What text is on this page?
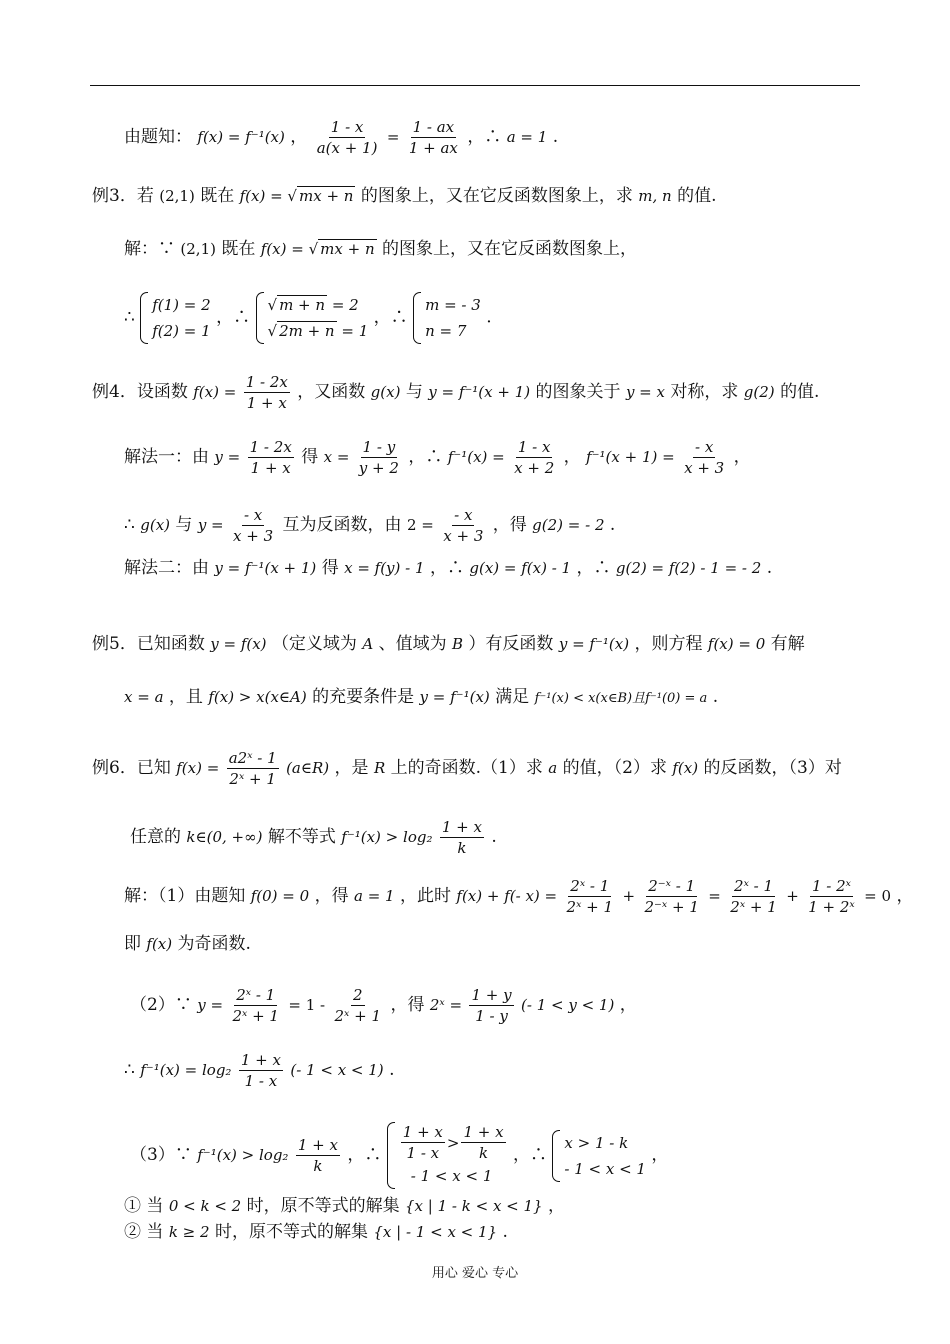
由题知： f(x) = f⁻¹(x) ， $\frac{1 - x}{a(x + 1)} = \frac{1 - ax}{1 + ax}$ ，∴ a = 1 .
例3．若 (2,1) 既在 f(x) = √ mx + n 的图象上，又在它反函数图象上，求 m, n 的值.
解：∵ (2,1) 既在 f(x) = √ mx + n 的图象上，又在它反函数图象上，
∴
f(1) = 2
f(2) = 1
，∴
√ m + n = 2
√ 2m + n = 1
，∴
m = - 3
n = 7
.
例4．设函数 $f(x) = \frac{1 - 2x}{1 + x}$ ，又函数 g(x) 与 y = f⁻¹(x + 1) 的图象关于 y = x 对称，求 g(2) 的值.
解法一：由 $y = \frac{1 - 2x}{1 + x}$ 得 $x = \frac{1 - y}{y + 2}$ ，∴ $f^{-1}(x) = \frac{1 - x}{x + 2}$ ， $f^{-1}(x + 1) = \frac{- x}{x + 3}$ ，
∴ g(x) 与 $y = \frac{- x}{x + 3}$ 互为反函数，由 $2 = \frac{- x}{x + 3}$ ，得 g(2) = - 2 .
解法二：由 y = f⁻¹(x + 1) 得 x = f(y) - 1 ，∴ g(x) = f(x) - 1 ，∴ g(2) = f(2) - 1 = - 2 .
例5．已知函数 y = f(x) （定义域为 A 、值域为 B ）有反函数 y = f⁻¹(x) ，则方程 f(x) = 0 有解
x = a ，且 f(x) > x(x∈A) 的充要条件是 y = f⁻¹(x) 满足 f⁻¹(x) < x(x∈B)且f⁻¹(0) = a .
例6．已知 $f(x) = \frac{\text{a2ˣ - 1}}{\text{2ˣ + 1}}$ (a∈R) ，是 R 上的奇函数.（1）求 a 的值，（2）求 f(x) 的反函数，（3）对
任意的 k∈(0, +∞) 解不等式 $f^{-1}(x) > \log_2 \frac{1 + x}{k}$ .
解：（1）由题知 f(0) = 0 ，得 a = 1 ，此时 f(x) + f(- $x) = \frac{\text{2ˣ - 1}}{\text{2ˣ + 1}} + \frac{\text{2⁻ˣ - 1}}{\text{2⁻ˣ + 1}} = \frac{\text{2ˣ - 1}}{\text{2ˣ + 1}} + \frac{\text{1 - 2ˣ}}{\text{1 + 2ˣ}} = 0$ ，
即 f(x) 为奇函数.
（2）∵ $y = \frac{\text{2ˣ - 1}}{\text{2ˣ + 1}} = 1 - \frac{2}{\text{2ˣ + 1}}$ ，得 2ˣ = $\frac{1 + y}{1 - y}$ (- 1 < y < 1) ，
∴ $f^{-1}(x) = \log_2 \frac{1 + x}{1 - x}$ (- 1 < x < 1) .
（3）∵ $f^{-1}(x) > \log_2 \frac{1 + x}{k}$ ，∴ $\frac{1 + x}{1 - x} > \frac{1 + x}{k}$
- 1 < x < 1
，∴
x > 1 - k
- 1 < x < 1
，
① 当 0 < k < 2 时，原不等式的解集 {x | 1 - k < x < 1} ，
② 当 k ≥ 2 时，原不等式的解集 {x | - 1 < x < 1} .
用心 爱心 专心
